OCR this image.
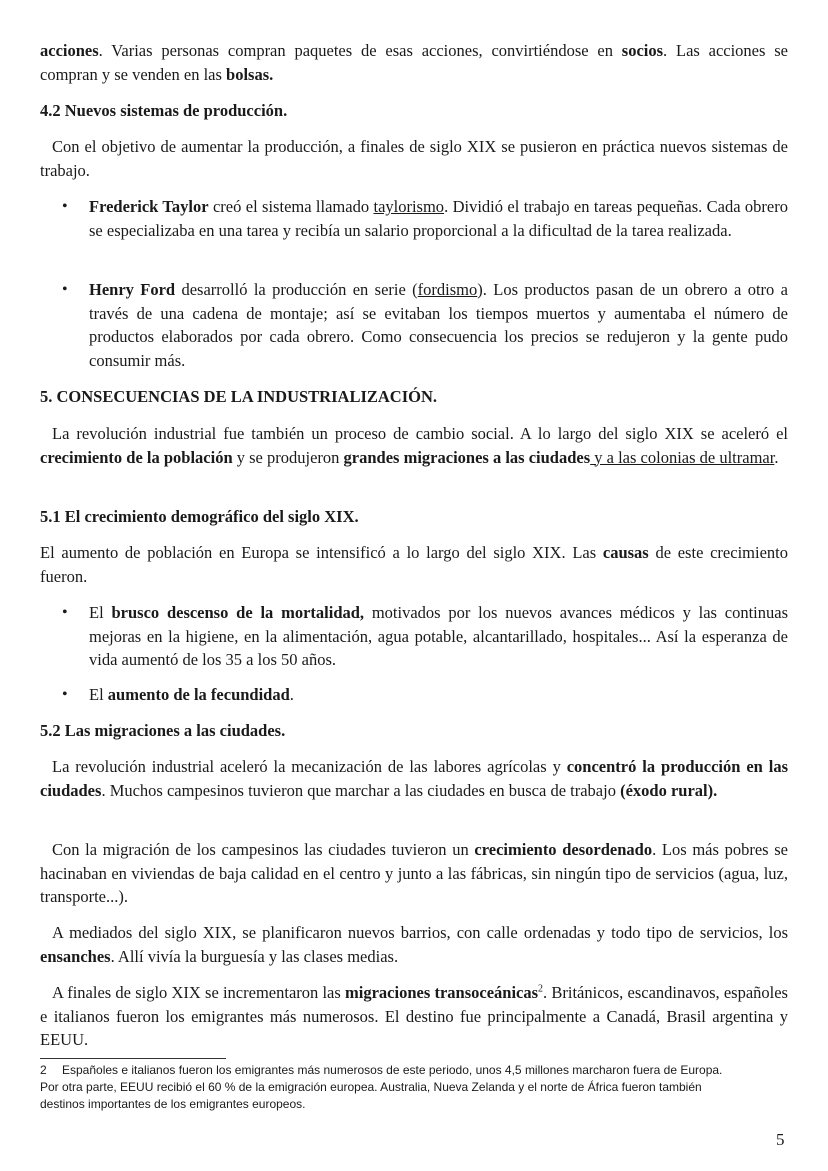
acciones. Varias personas compran paquetes de esas acciones, convirtiéndose en socios. Las acciones se compran y se venden en las bolsas.

4.2 Nuevos sistemas de producción.

Con el objetivo de aumentar la producción, a finales de siglo XIX se pusieron en práctica nuevos sistemas de trabajo.

• Frederick Taylor creó el sistema llamado taylorismo. Dividió el trabajo en tareas pequeñas. Cada obrero se especializaba en una tarea y recibía un salario proporcional a la dificultad de la tarea realizada.

• Henry Ford desarrolló la producción en serie (fordismo). Los productos pasan de un obrero a otro a través de una cadena de montaje; así se evitaban los tiempos muertos y aumentaba el número de productos elaborados por cada obrero. Como consecuencia los precios se redujeron y la gente pudo consumir más.

5. CONSECUENCIAS DE LA INDUSTRIALIZACIÓN.

La revolución industrial fue también un proceso de cambio social. A lo largo del siglo XIX se aceleró el crecimiento de la población y se produjeron grandes migraciones a las ciudades y a las colonias de ultramar.

5.1 El crecimiento demográfico del siglo XIX.

El aumento de población en Europa se intensificó a lo largo del siglo XIX. Las causas de este crecimiento fueron.

• El brusco descenso de la mortalidad, motivados por los nuevos avances médicos y las continuas mejoras en la higiene, en la alimentación, agua potable, alcantarillado, hospitales... Así la esperanza de vida aumentó de los 35 a los 50 años.

• El aumento de la fecundidad.

5.2 Las migraciones a las ciudades.

La revolución industrial aceleró la mecanización de las labores agrícolas y concentró la producción en las ciudades. Muchos campesinos tuvieron que marchar a las ciudades en busca de trabajo (éxodo rural).

Con la migración de los campesinos las ciudades tuvieron un crecimiento desordenado. Los más pobres se hacinaban en viviendas de baja calidad en el centro y junto a las fábricas, sin ningún tipo de servicios (agua, luz, transporte...).

A mediados del siglo XIX, se planificaron nuevos barrios, con calle ordenadas y todo tipo de servicios, los ensanches. Allí vivía la burguesía y las clases medias.

A finales de siglo XIX se incrementaron las migraciones transoceánicas$^2$. Británicos, escandinavos, españoles e italianos fueron los emigrantes más numerosos. El destino fue principalmente a Canadá, Brasil argentina y EEUU.

2 Españoles e italianos fueron los emigrantes más numerosos de este periodo, unos 4,5 millones marcharon fuera de Europa. Por otra parte, EEUU recibió el 60 % de la emigración europea. Australia, Nueva Zelanda y el norte de África fueron también destinos importantes de los emigrantes europeos.

5
